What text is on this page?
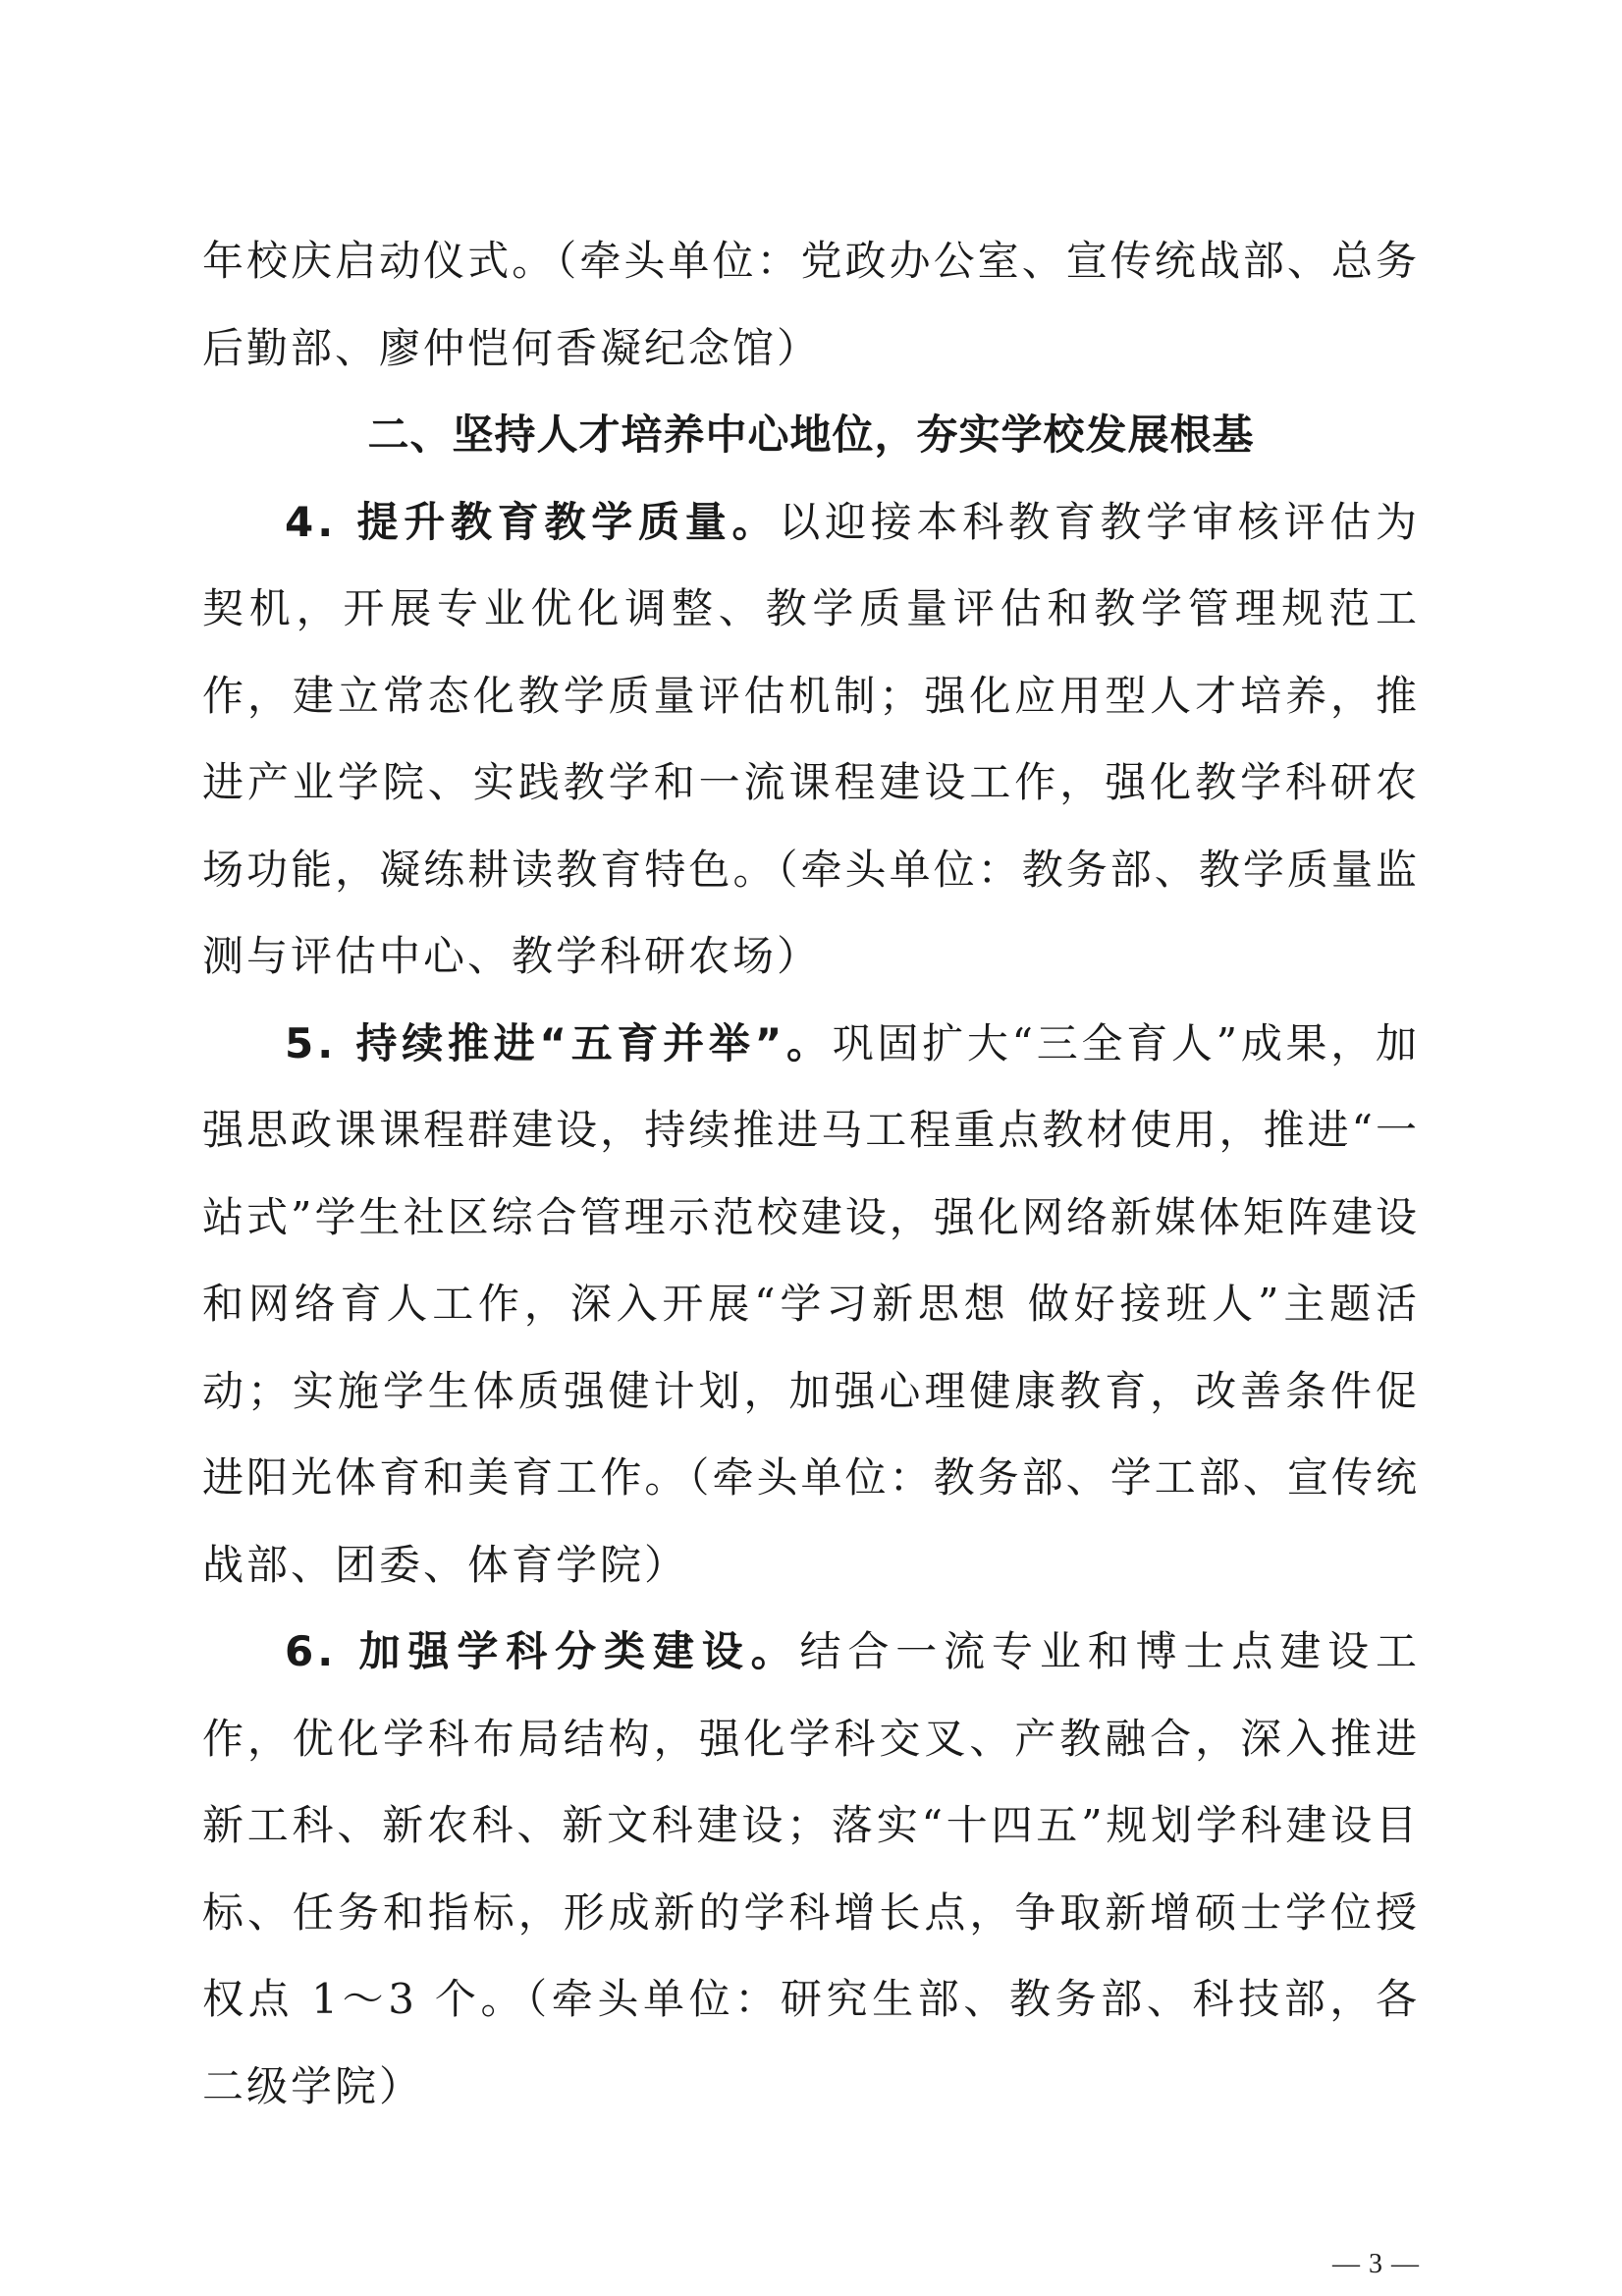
年校庆启动仪式。（牵头单位：党政办公室、宣传统战部、总务后勤部、廖仲恺何香凝纪念馆）

二、坚持人才培养中心地位，夯实学校发展根基

4. 提升教育教学质量。以迎接本科教育教学审核评估为契机，开展专业优化调整、教学质量评估和教学管理规范工作，建立常态化教学质量评估机制；强化应用型人才培养，推进产业学院、实践教学和一流课程建设工作，强化教学科研农场功能，凝练耕读教育特色。（牵头单位：教务部、教学质量监测与评估中心、教学科研农场）

5. 持续推进“五育并举”。巩固扩大“三全育人”成果，加强思政课课程群建设，持续推进马工程重点教材使用，推进“一站式”学生社区综合管理示范校建设，强化网络新媒体矩阵建设和网络育人工作，深入开展“学习新思想 做好接班人”主题活动；实施学生体质强健计划，加强心理健康教育，改善条件促进阳光体育和美育工作。（牵头单位：教务部、学工部、宣传统战部、团委、体育学院）

6. 加强学科分类建设。结合一流专业和博士点建设工作，优化学科布局结构，强化学科交叉、产教融合，深入推进新工科、新农科、新文科建设；落实“十四五”规划学科建设目标、任务和指标，形成新的学科增长点，争取新增硕士学位授权点 1～3 个。（牵头单位：研究生部、教务部、科技部，各二级学院）

— 3 —
